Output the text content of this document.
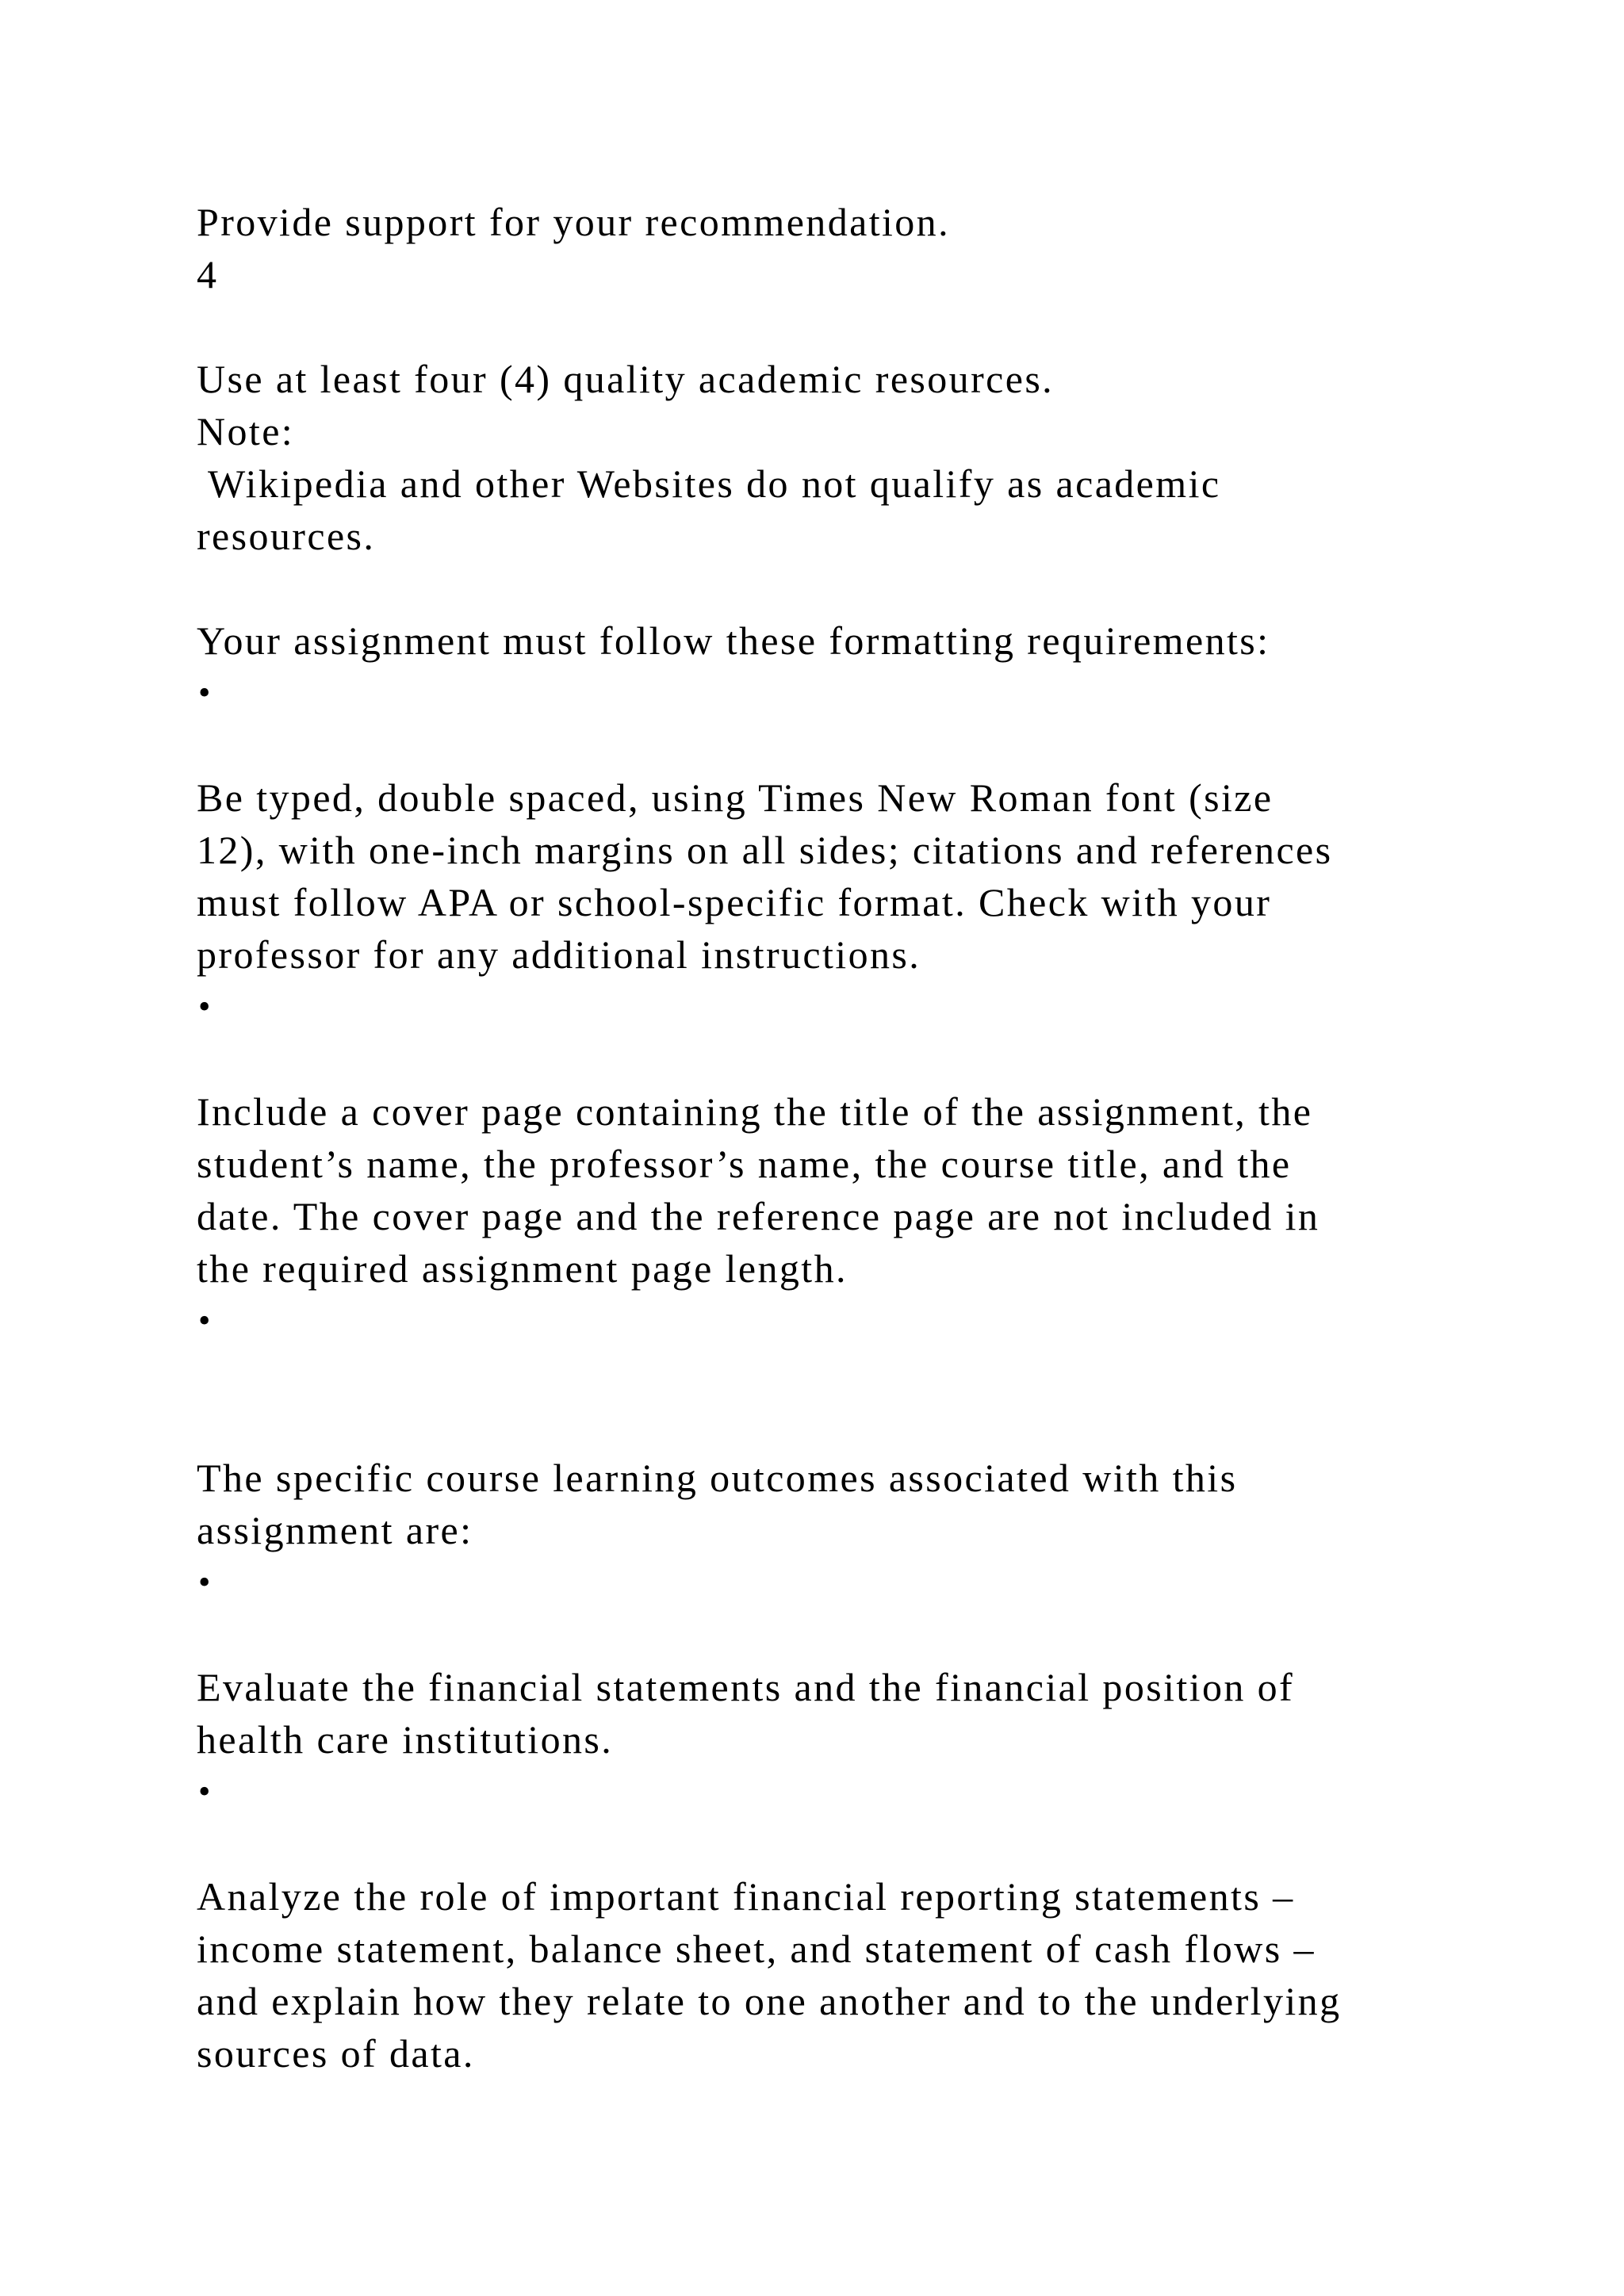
Provide support for your recommendation.

4

Use at least four (4) quality academic resources.

Note:

Wikipedia and other Websites do not qualify as academic

resources.

Your assignment must follow these formatting requirements:

•

Be typed, double spaced, using Times New Roman font (size

12), with one-inch margins on all sides; citations and references

must follow APA or school-specific format. Check with your

professor for any additional instructions.

•

Include a cover page containing the title of the assignment, the

student’s name, the professor’s name, the course title, and the

date. The cover page and the reference page are not included in

the required assignment page length.

•

The specific course learning outcomes associated with this

assignment are:

•

Evaluate the financial statements and the financial position of

health care institutions.

•

Analyze the role of important financial reporting statements –

income statement, balance sheet, and statement of cash flows –

and explain how they relate to one another and to the underlying

sources of data.
